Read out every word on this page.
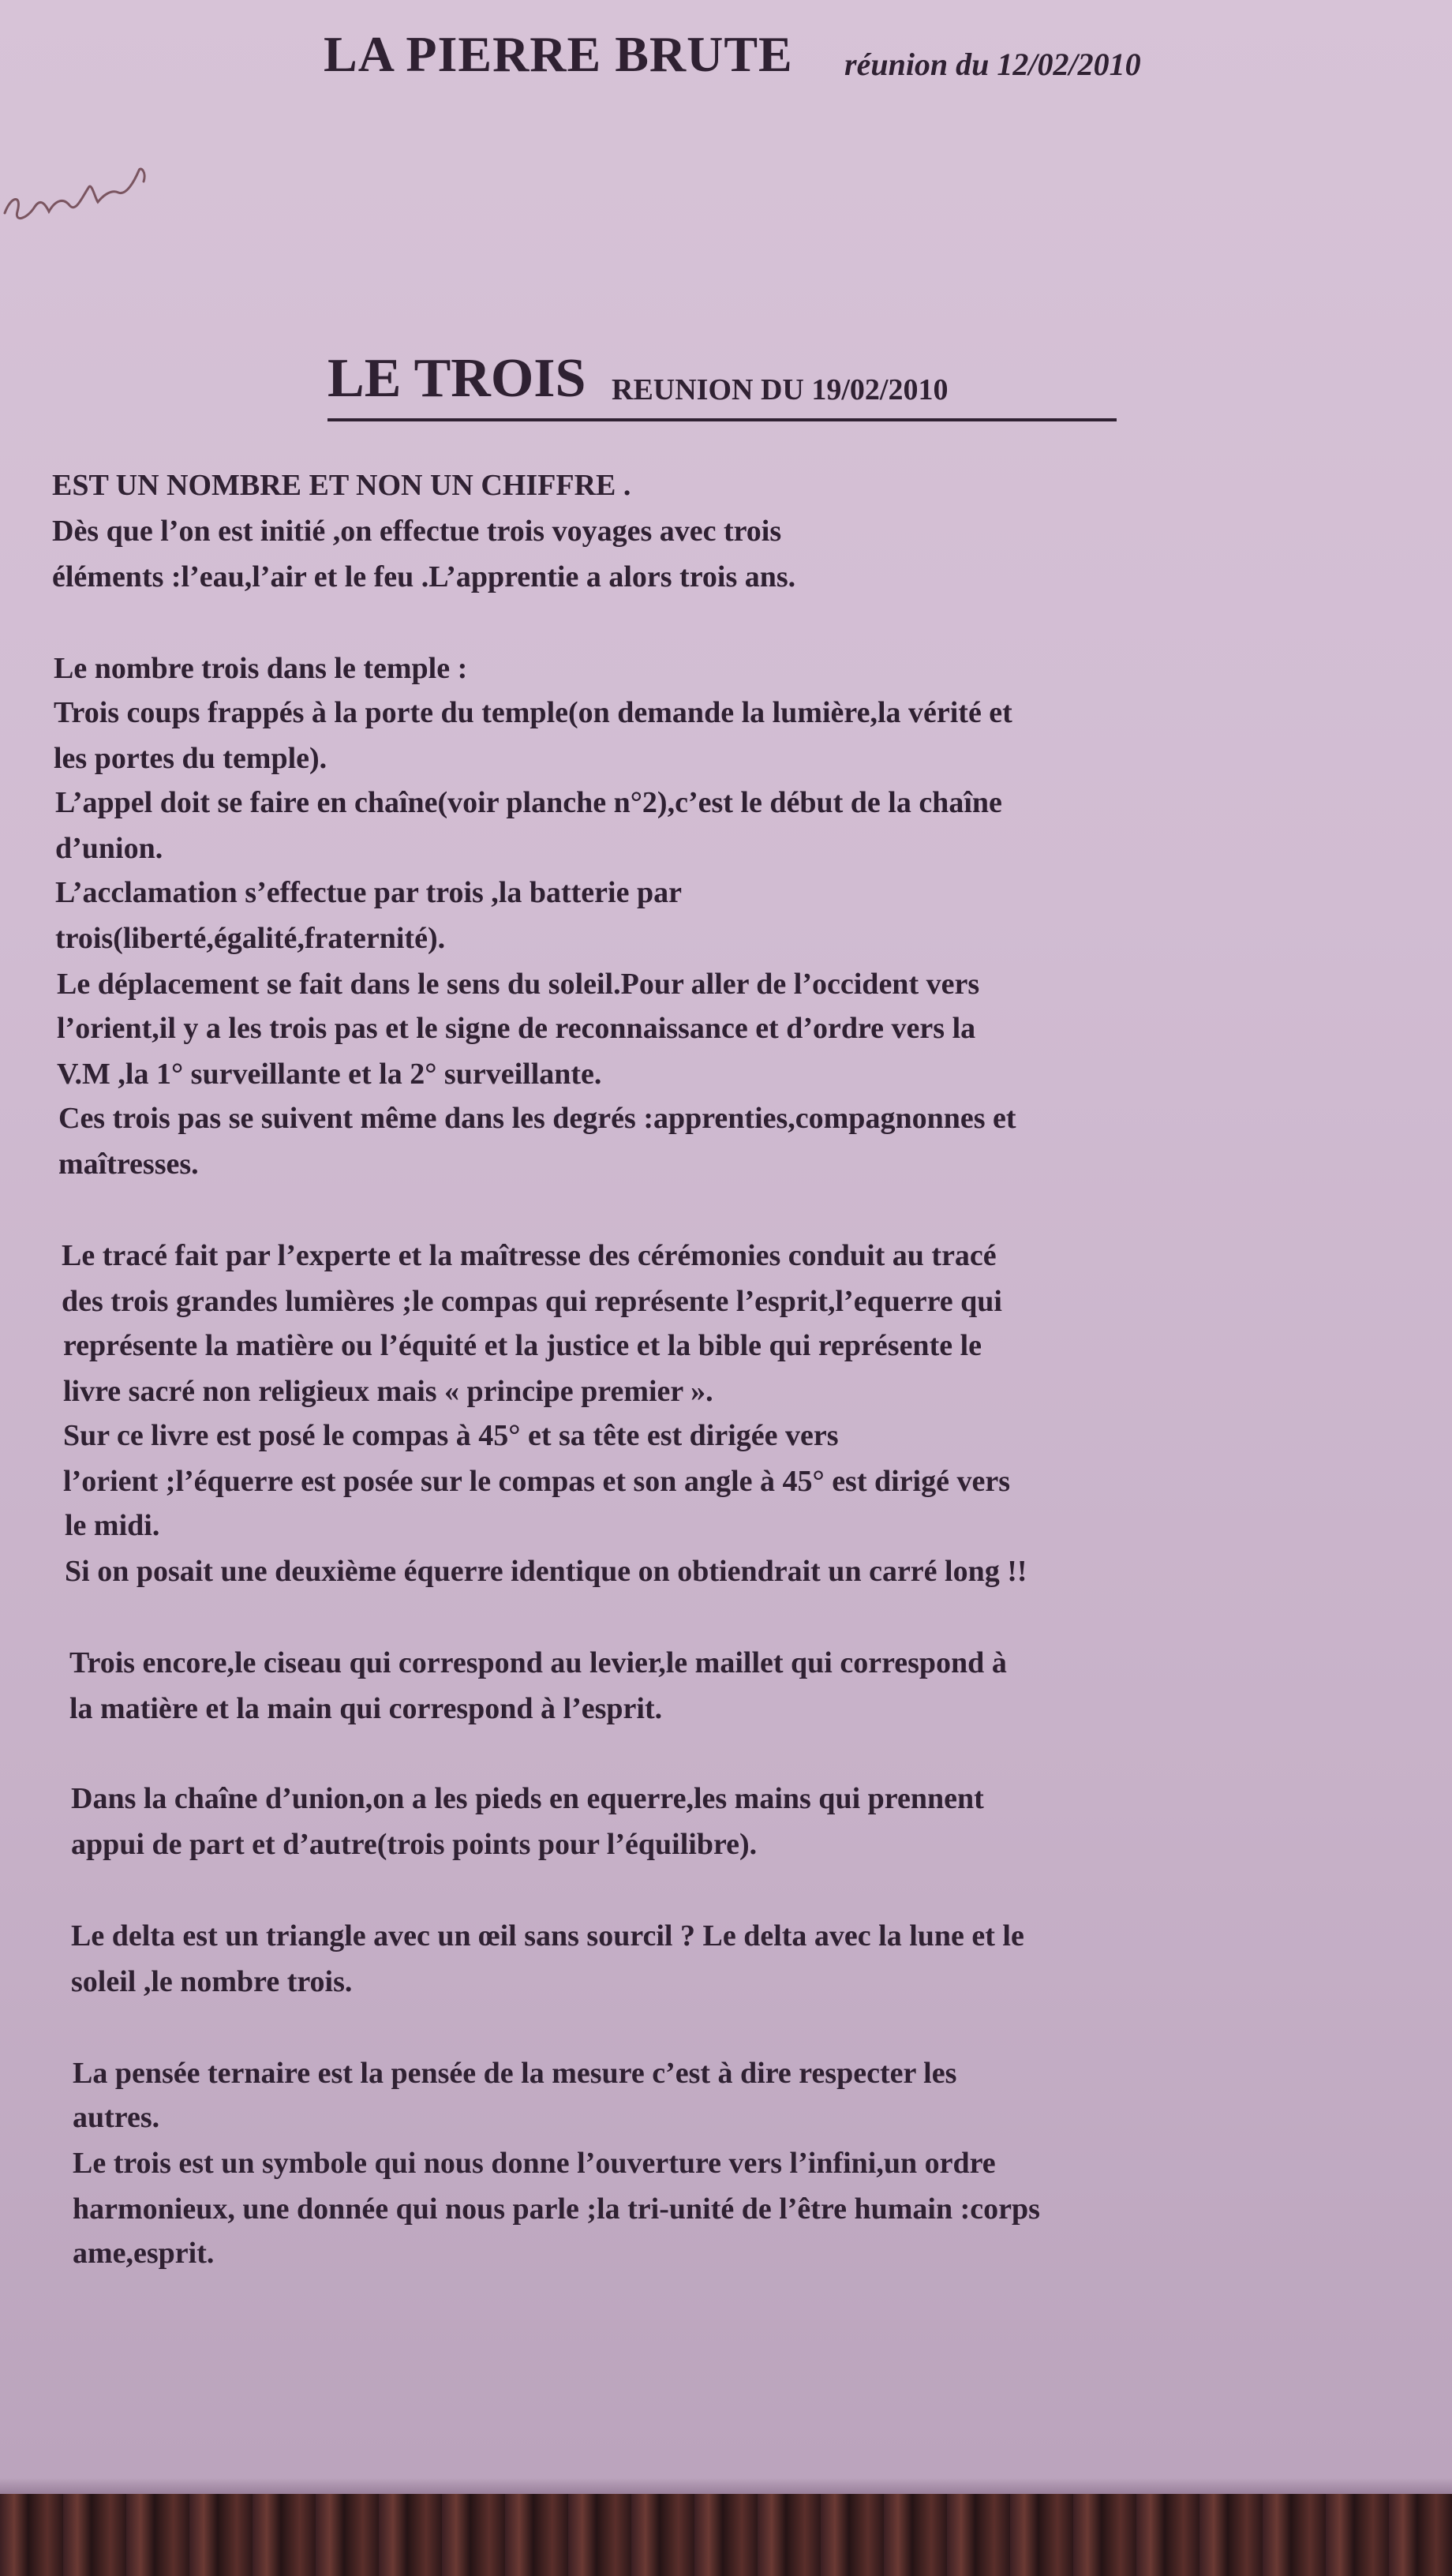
LA PIERRE BRUTE réunion du 12/02/2010
LE TROIS REUNION DU 19/02/2010
EST UN NOMBRE ET NON UN CHIFFRE .
Dès que l’on est initié ,on effectue trois voyages avec trois
éléments :l’eau,l’air et le feu .L’apprentie a alors trois ans.
Le nombre trois dans le temple :
Trois coups frappés à la porte du temple(on demande la lumière,la vérité et
les portes du temple).
L’appel doit se faire en chaîne(voir planche n°2),c’est le début de la chaîne
d’union.
L’acclamation s’effectue par trois ,la batterie par
trois(liberté,égalité,fraternité).
Le déplacement se fait dans le sens du soleil.Pour aller de l’occident vers
l’orient,il y a les trois pas et le signe de reconnaissance et d’ordre vers la
V.M ,la 1° surveillante et la 2° surveillante.
Ces trois pas se suivent même dans les degrés :apprenties,compagnonnes et
maîtresses.
Le tracé fait par l’experte et la maîtresse des cérémonies conduit au tracé
des trois grandes lumières ;le compas qui représente l’esprit,l’equerre qui
représente la matière ou l’équité et la justice et la bible qui représente le
livre sacré non religieux mais « principe premier ».
Sur ce livre est posé le compas à 45° et sa tête est dirigée vers
l’orient ;l’équerre est posée sur le compas et son angle à 45° est dirigé vers
le midi.
Si on posait une deuxième équerre identique on obtiendrait un carré long !!
Trois encore,le ciseau qui correspond au levier,le maillet qui correspond à
la matière et la main qui correspond à l’esprit.
Dans la chaîne d’union,on a les pieds en equerre,les mains qui prennent
appui de part et d’autre(trois points pour l’équilibre).
Le delta est un triangle avec un œil sans sourcil ? Le delta avec la lune et le
soleil ,le nombre trois.
La pensée ternaire est la pensée de la mesure c’est à dire respecter les
autres.
Le trois est un symbole qui nous donne l’ouverture vers l’infini,un ordre
harmonieux, une donnée qui nous parle ;la tri-unité de l’être humain :corps
ame,esprit.
